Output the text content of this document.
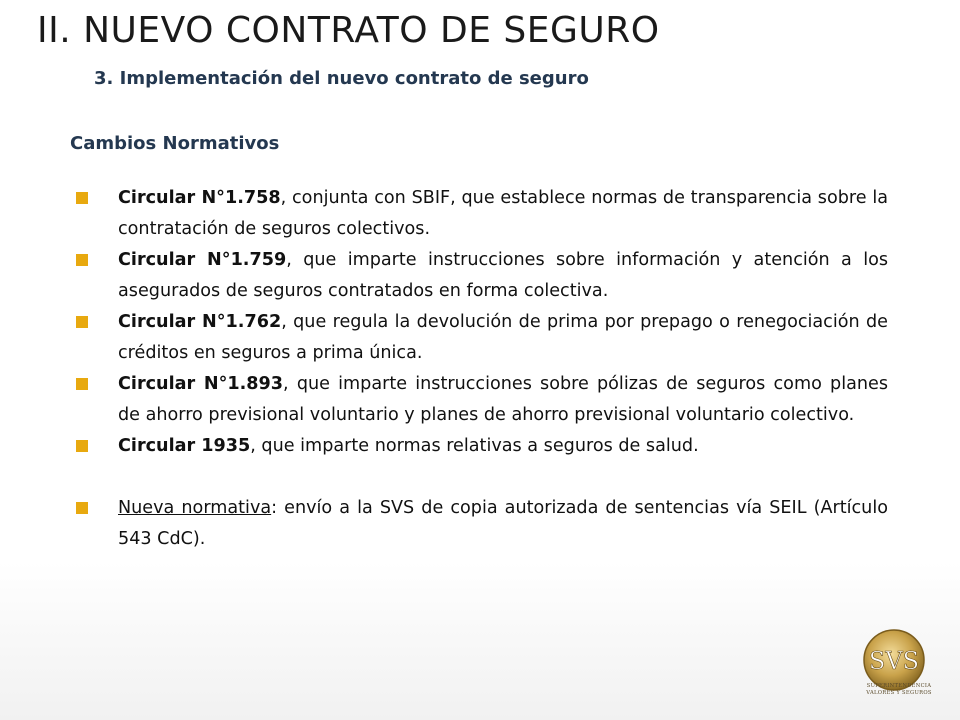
II. NUEVO CONTRATO DE SEGURO
3. Implementación del nuevo contrato de seguro
Cambios Normativos
Circular N°1.758, conjunta con SBIF, que establece normas de transparencia sobre la contratación de seguros colectivos.
Circular N°1.759, que imparte instrucciones sobre información y atención a los asegurados de seguros contratados en forma colectiva.
Circular N°1.762, que regula la devolución de prima por prepago o renegociación de créditos en seguros a prima única.
Circular N°1.893, que imparte instrucciones sobre pólizas de seguros como planes de ahorro previsional voluntario y planes de ahorro previsional voluntario colectivo.
Circular 1935, que imparte normas relativas a seguros de salud.
Nueva normativa: envío a la SVS de copia autorizada de sentencias vía SEIL (Artículo 543 CdC).
SVS
SUPERINTENDENCIA
VALORES Y SEGUROS
